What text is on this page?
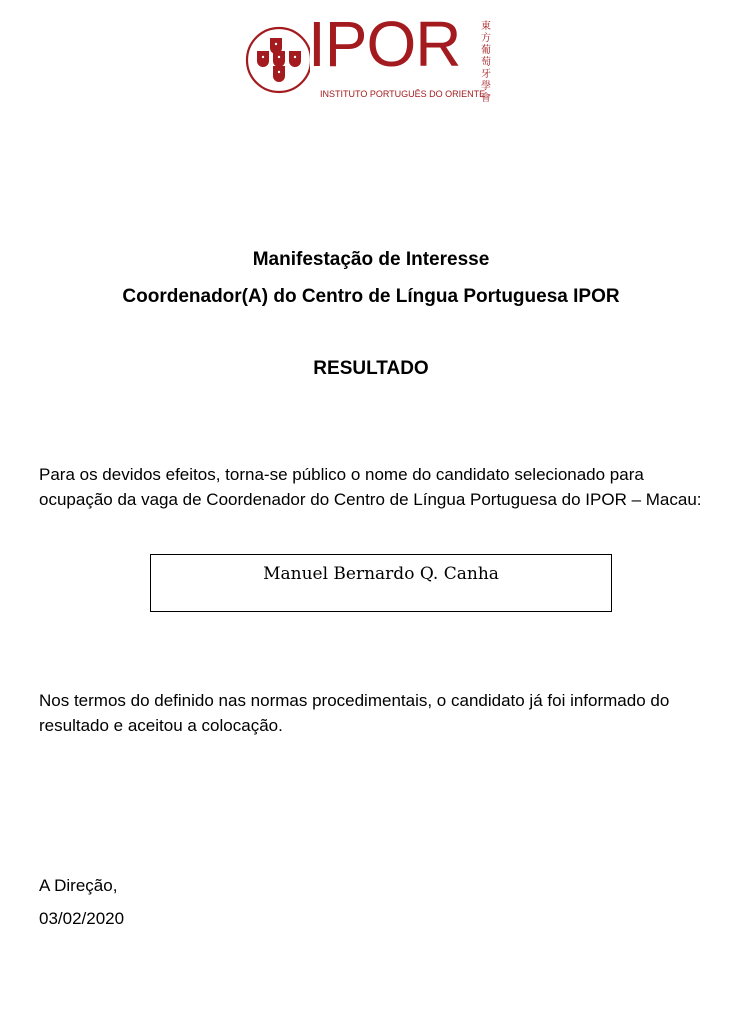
IPOR
INSTITUTO PORTUGUÊS DO ORIENTE
東方葡萄牙學會
Manifestação de Interesse
Coordenador(A) do Centro de Língua Portuguesa IPOR
RESULTADO
Para os devidos efeitos, torna-se público o nome do candidato selecionado para ocupação da vaga de Coordenador do Centro de Língua Portuguesa do IPOR – Macau:
Manuel Bernardo Q. Canha
Nos termos do definido nas normas procedimentais, o candidato já foi informado do resultado e aceitou a colocação.
A Direção,
03/02/2020
